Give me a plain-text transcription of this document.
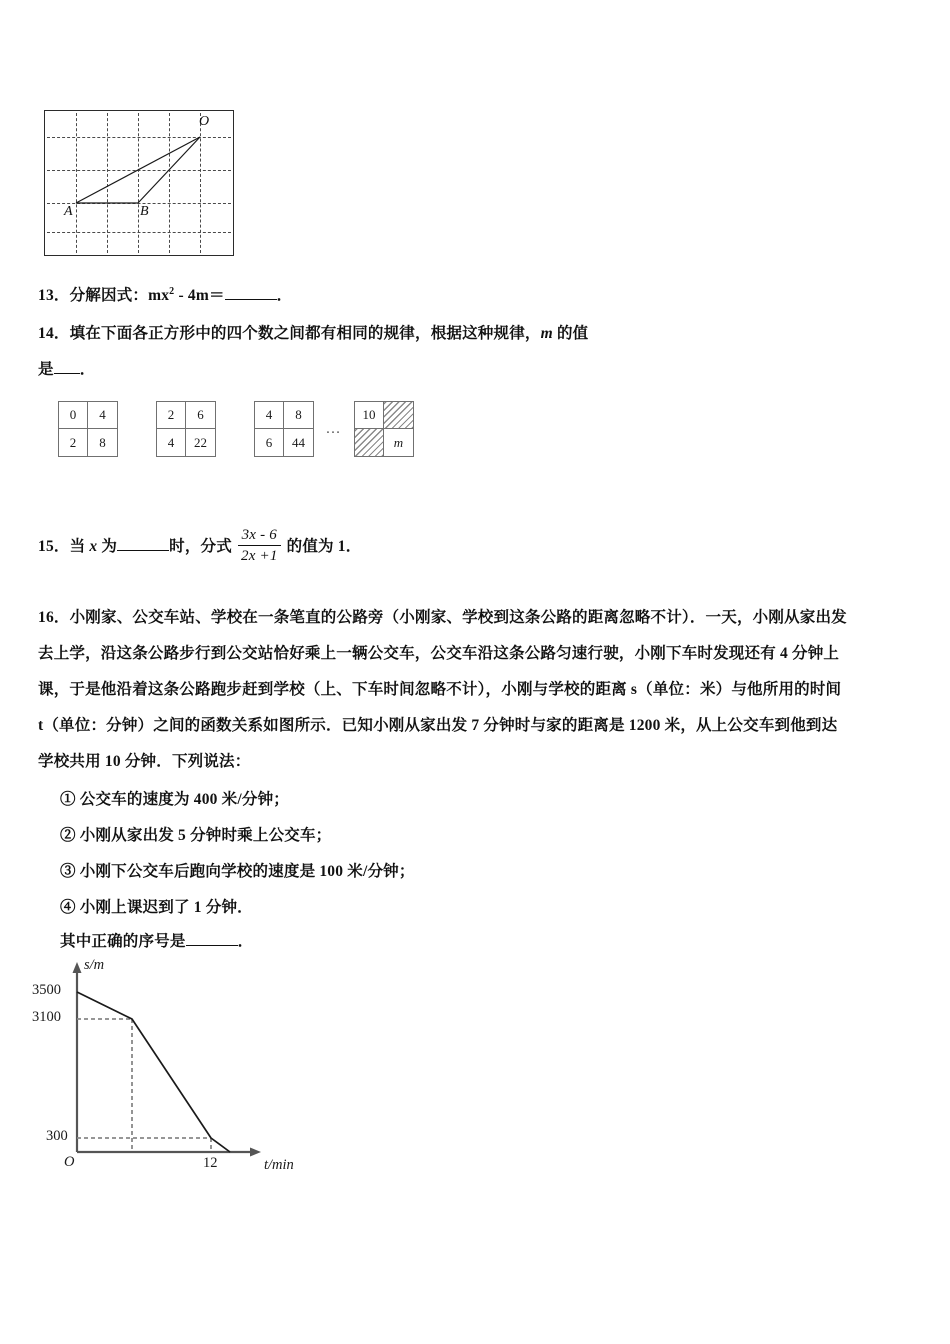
A	B
O
13．分解因式：$mx^2 - 4m=$	．
14．填在下面各正方形中的四个数之间都有相同的规律，根据这种规律，m 的值
是 ．
0	4
2	8
2	6
4	22
4	8
6	44
…
10
m
15．当 x 为	时，分式 $\frac{3x - 6}{2x +1}$ 的值为 1．
16．小刚家、公交车站、学校在一条笔直的公路旁（小刚家、学校到这条公路的距离忽略不计）．一天，小刚从家出发
去上学，沿这条公路步行到公交站恰好乘上一辆公交车，公交车沿这条公路匀速行驶，小刚下车时发现还有 4 分钟上
课，于是他沿着这条公路跑步赶到学校（上、下车时间忽略不计），小刚与学校的距离 s（单位：米）与他所用的时间
t（单位：分钟）之间的函数关系如图所示．已知小刚从家出发 7 分钟时与家的距离是 1200 米，从上公交车到他到达
学校共用 10 分钟．下列说法：
① 公交车的速度为 400 米/分钟；
② 小刚从家出发 5 分钟时乘上公交车；
③ 小刚下公交车后跑向学校的速度是 100 米/分钟；
④ 小刚上课迟到了 1 分钟．
其中正确的序号是	．
s/m
t/min
O
3500
3100
300
12
